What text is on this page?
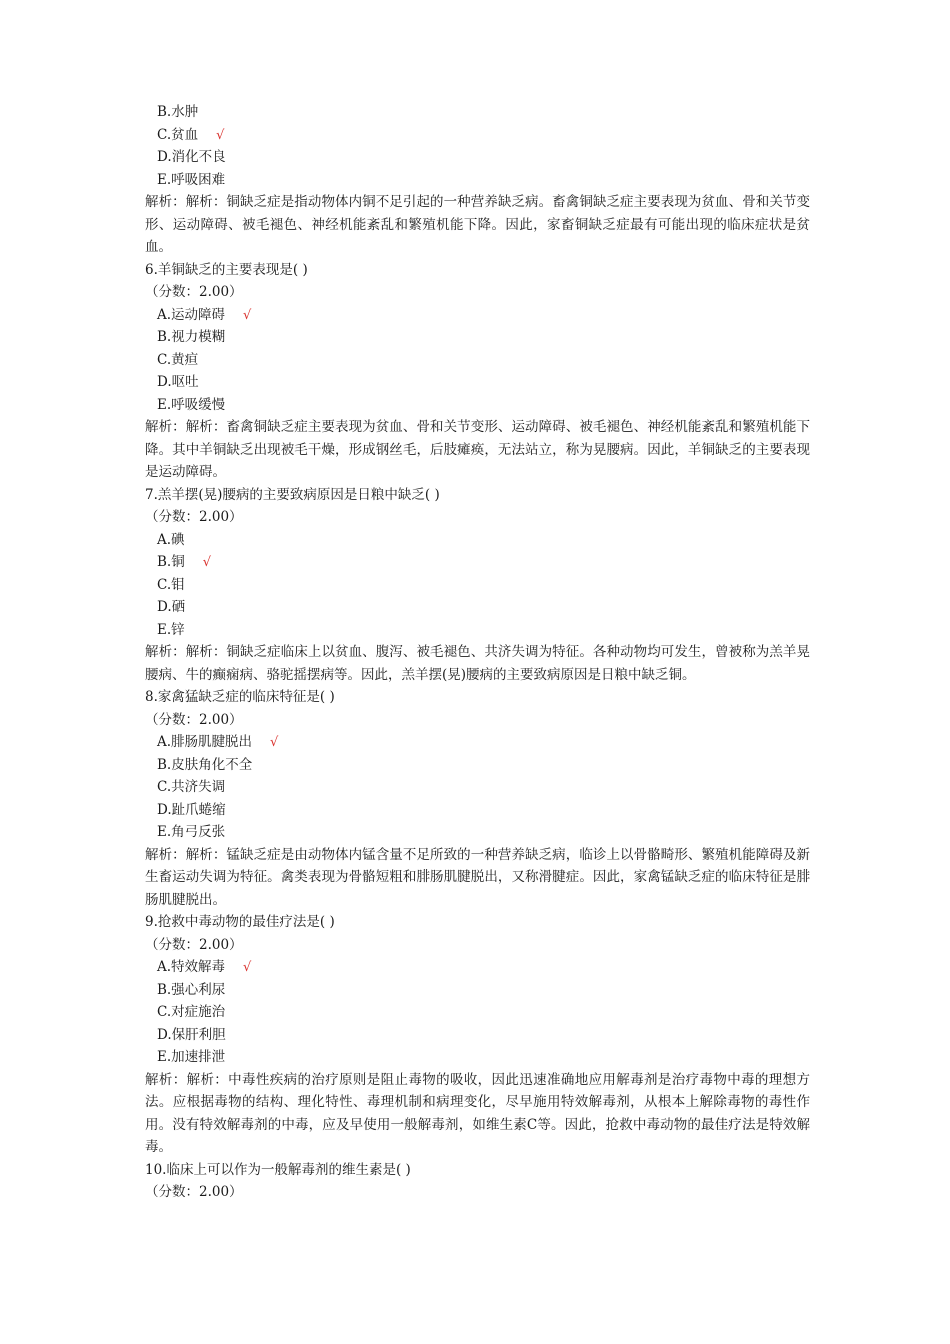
B.水肿
C.贫血 √
D.消化不良
E.呼吸困难
解析：解析：铜缺乏症是指动物体内铜不足引起的一种营养缺乏病。畜禽铜缺乏症主要表现为贫血、骨和关节变形、运动障碍、被毛褪色、神经机能紊乱和繁殖机能下降。因此，家畜铜缺乏症最有可能出现的临床症状是贫血。
6.羊铜缺乏的主要表现是( )
（分数：2.00）
A.运动障碍 √
B.视力模糊
C.黄疸
D.呕吐
E.呼吸缓慢
解析：解析：畜禽铜缺乏症主要表现为贫血、骨和关节变形、运动障碍、被毛褪色、神经机能紊乱和繁殖机能下降。其中羊铜缺乏出现被毛干燥，形成钢丝毛，后肢瘫痪，无法站立，称为晃腰病。因此，羊铜缺乏的主要表现是运动障碍。
7.羔羊摆(晃)腰病的主要致病原因是日粮中缺乏( )
（分数：2.00）
A.碘
B.铜 √
C.钼
D.硒
E.锌
解析：解析：铜缺乏症临床上以贫血、腹泻、被毛褪色、共济失调为特征。各种动物均可发生，曾被称为羔羊晃腰病、牛的癫痫病、骆驼摇摆病等。因此，羔羊摆(晃)腰病的主要致病原因是日粮中缺乏铜。
8.家禽猛缺乏症的临床特征是( )
（分数：2.00）
A.腓肠肌腱脱出 √
B.皮肤角化不全
C.共济失调
D.趾爪蜷缩
E.角弓反张
解析：解析：锰缺乏症是由动物体内锰含量不足所致的一种营养缺乏病，临诊上以骨骼畸形、繁殖机能障碍及新生畜运动失调为特征。禽类表现为骨骼短粗和腓肠肌腱脱出，又称滑腱症。因此，家禽锰缺乏症的临床特征是腓肠肌腱脱出。
9.抢救中毒动物的最佳疗法是( )
（分数：2.00）
A.特效解毒 √
B.强心利尿
C.对症施治
D.保肝利胆
E.加速排泄
解析：解析：中毒性疾病的治疗原则是阻止毒物的吸收，因此迅速准确地应用解毒剂是治疗毒物中毒的理想方法。应根据毒物的结构、理化特性、毒理机制和病理变化，尽早施用特效解毒剂，从根本上解除毒物的毒性作用。没有特效解毒剂的中毒，应及早使用一般解毒剂，如维生素C等。因此，抢救中毒动物的最佳疗法是特效解毒。
10.临床上可以作为一般解毒剂的维生素是( )
（分数：2.00）
